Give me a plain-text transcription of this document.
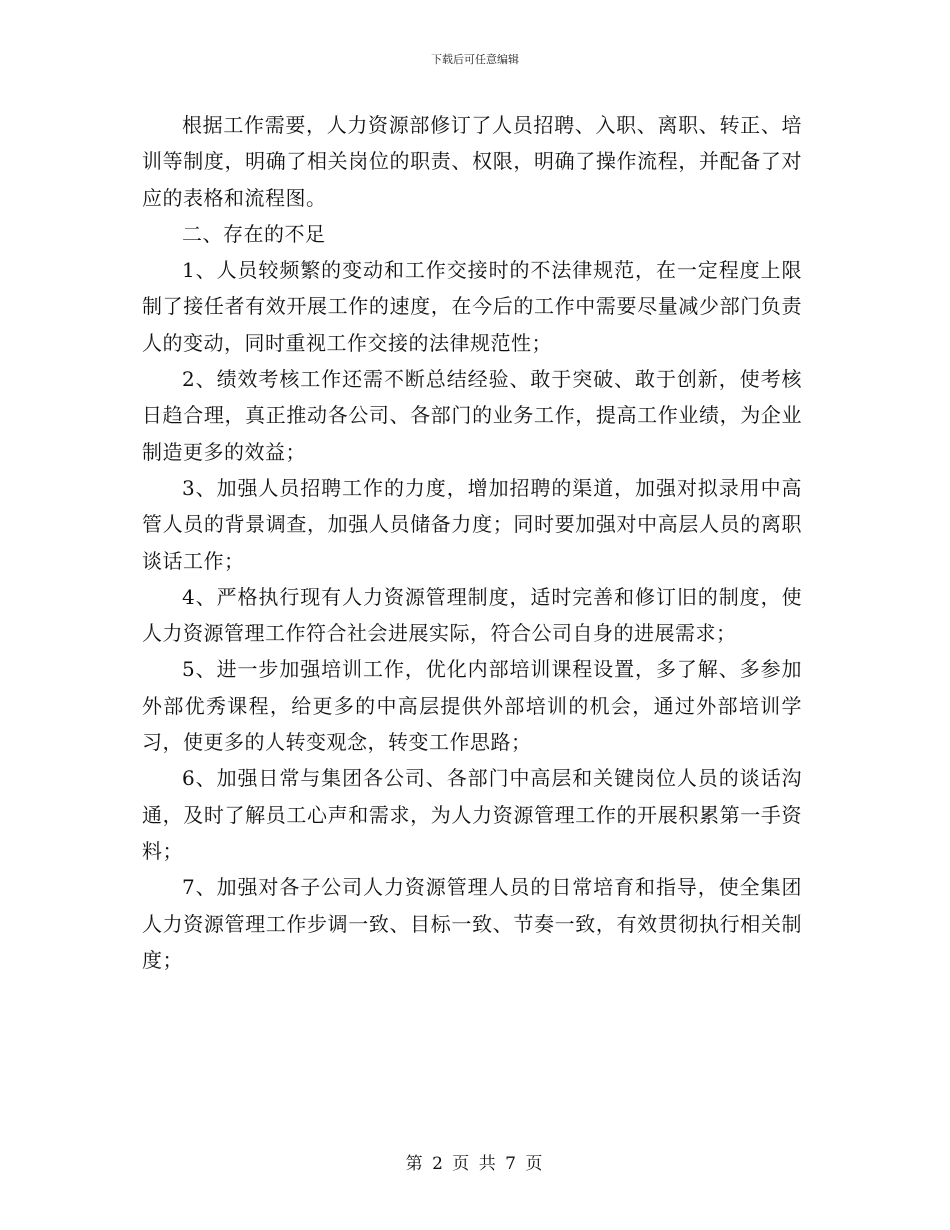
下载后可任意编辑

根据工作需要，人力资源部修订了人员招聘、入职、离职、转正、培训等制度，明确了相关岗位的职责、权限，明确了操作流程，并配备了对应的表格和流程图。

二、存在的不足

1、人员较频繁的变动和工作交接时的不法律规范，在一定程度上限制了接任者有效开展工作的速度，在今后的工作中需要尽量减少部门负责人的变动，同时重视工作交接的法律规范性；

2、绩效考核工作还需不断总结经验、敢于突破、敢于创新，使考核日趋合理，真正推动各公司、各部门的业务工作，提高工作业绩，为企业制造更多的效益；

3、加强人员招聘工作的力度，增加招聘的渠道，加强对拟录用中高管人员的背景调查，加强人员储备力度；同时要加强对中高层人员的离职谈话工作；

4、严格执行现有人力资源管理制度，适时完善和修订旧的制度，使人力资源管理工作符合社会进展实际，符合公司自身的进展需求；

5、进一步加强培训工作，优化内部培训课程设置，多了解、多参加外部优秀课程，给更多的中高层提供外部培训的机会，通过外部培训学习，使更多的人转变观念，转变工作思路；

6、加强日常与集团各公司、各部门中高层和关键岗位人员的谈话沟通，及时了解员工心声和需求，为人力资源管理工作的开展积累第一手资料；

7、加强对各子公司人力资源管理人员的日常培育和指导，使全集团人力资源管理工作步调一致、目标一致、节奏一致，有效贯彻执行相关制度；

第 2 页 共 7 页
